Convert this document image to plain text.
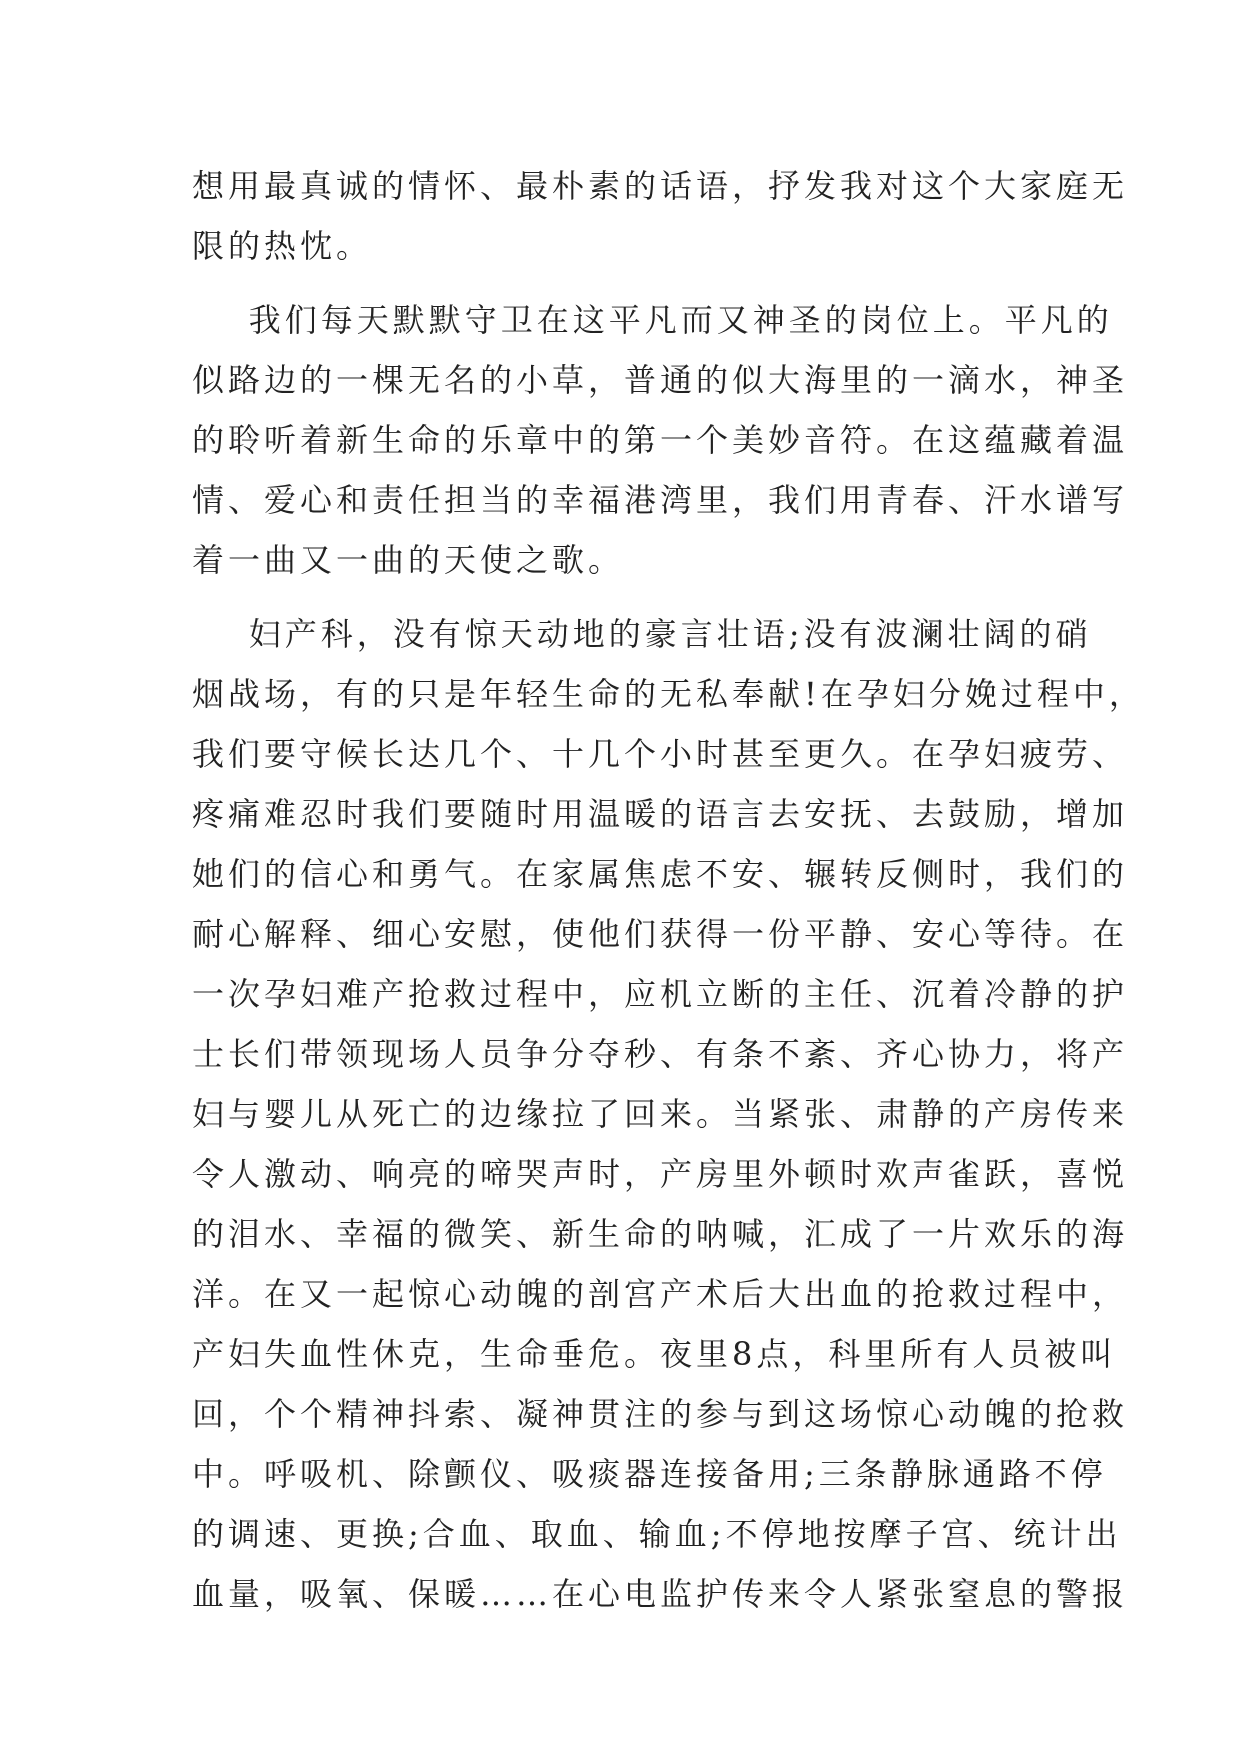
想用最真诚的情怀、最朴素的话语，抒发我对这个大家庭无
限的热忱。
我们每天默默守卫在这平凡而又神圣的岗位上。平凡的
似路边的一棵无名的小草，普通的似大海里的一滴水，神圣
的聆听着新生命的乐章中的第一个美妙音符。在这蕴藏着温
情、爱心和责任担当的幸福港湾里，我们用青春、汗水谱写
着一曲又一曲的天使之歌。
妇产科，没有惊天动地的豪言壮语;没有波澜壮阔的硝
烟战场，有的只是年轻生命的无私奉献!在孕妇分娩过程中，
我们要守候长达几个、十几个小时甚至更久。在孕妇疲劳、
疼痛难忍时我们要随时用温暖的语言去安抚、去鼓励，增加
她们的信心和勇气。在家属焦虑不安、辗转反侧时，我们的
耐心解释、细心安慰，使他们获得一份平静、安心等待。在
一次孕妇难产抢救过程中，应机立断的主任、沉着冷静的护
士长们带领现场人员争分夺秒、有条不紊、齐心协力，将产
妇与婴儿从死亡的边缘拉了回来。当紧张、肃静的产房传来
令人激动、响亮的啼哭声时，产房里外顿时欢声雀跃，喜悦
的泪水、幸福的微笑、新生命的呐喊，汇成了一片欢乐的海
洋。在又一起惊心动魄的剖宫产术后大出血的抢救过程中，
产妇失血性休克，生命垂危。夜里8点，科里所有人员被叫
回，个个精神抖索、凝神贯注的参与到这场惊心动魄的抢救
中。呼吸机、除颤仪、吸痰器连接备用;三条静脉通路不停
的调速、更换;合血、取血、输血;不停地按摩子宫、统计出
血量，吸氧、保暖……在心电监护传来令人紧张窒息的警报
